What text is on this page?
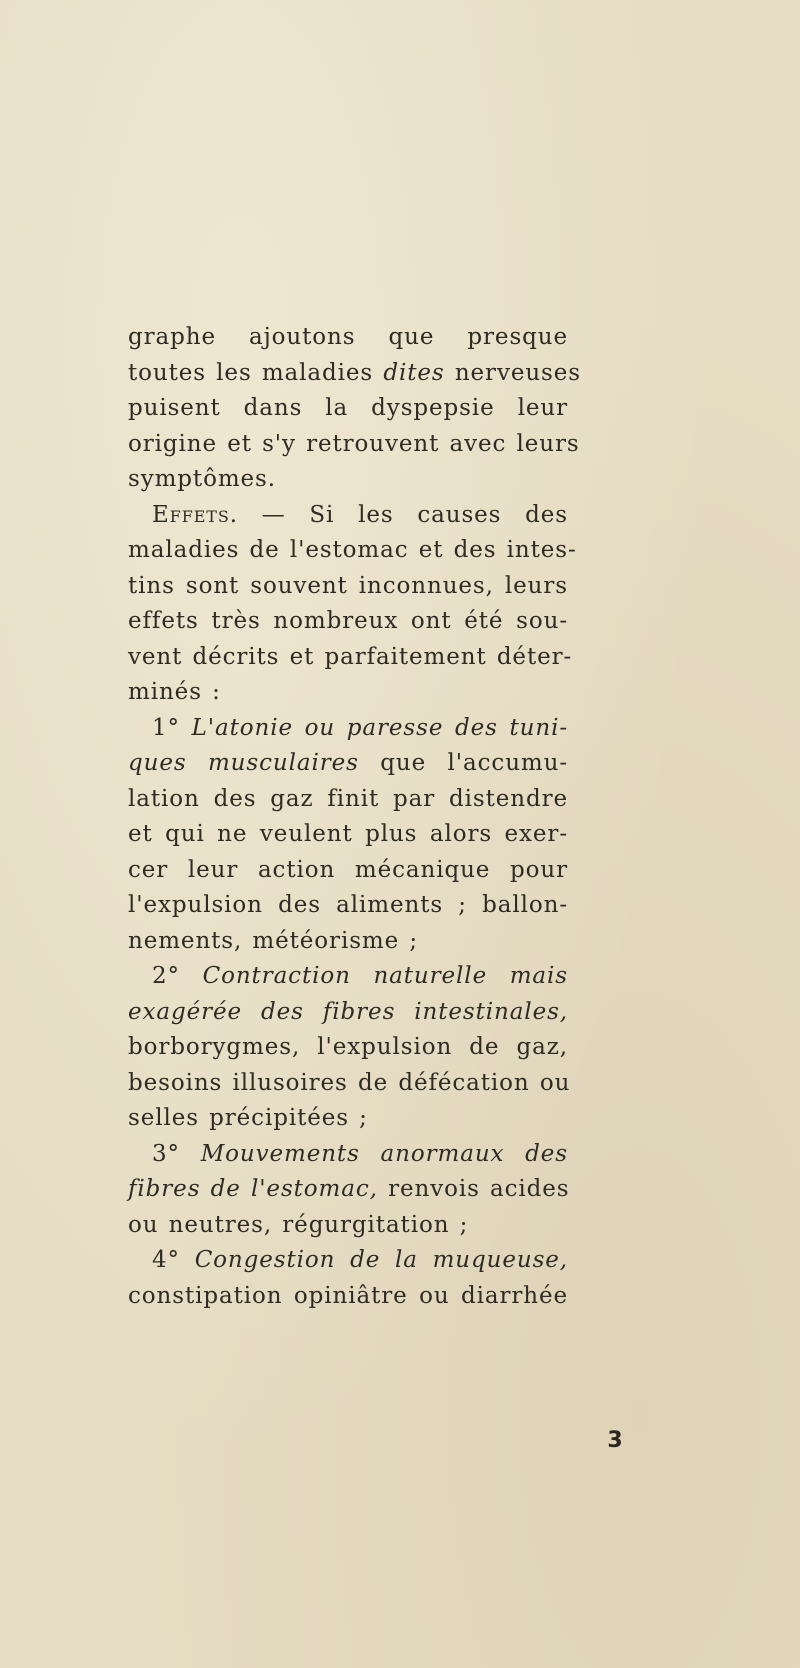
graphe ajoutons que presque
toutes les maladies dites nerveuses
puisent dans la dyspepsie leur
origine et s'y retrouvent avec leurs
symptômes.
Effets. — Si les causes des
maladies de l'estomac et des intes-
tins sont souvent inconnues, leurs
effets très nombreux ont été sou-
vent décrits et parfaitement déter-
minés :
1° L'atonie ou paresse des tuni-
ques musculaires que l'accumu-
lation des gaz finit par distendre
et qui ne veulent plus alors exer-
cer leur action mécanique pour
l'expulsion des aliments ; ballon-
nements, météorisme ;
2° Contraction naturelle mais
exagérée des fibres intestinales,
borborygmes, l'expulsion de gaz,
besoins illusoires de défécation ou
selles précipitées ;
3° Mouvements anormaux des
fibres de l'estomac, renvois acides
ou neutres, régurgitation ;
4° Congestion de la muqueuse,
constipation opiniâtre ou diarrhée
3
